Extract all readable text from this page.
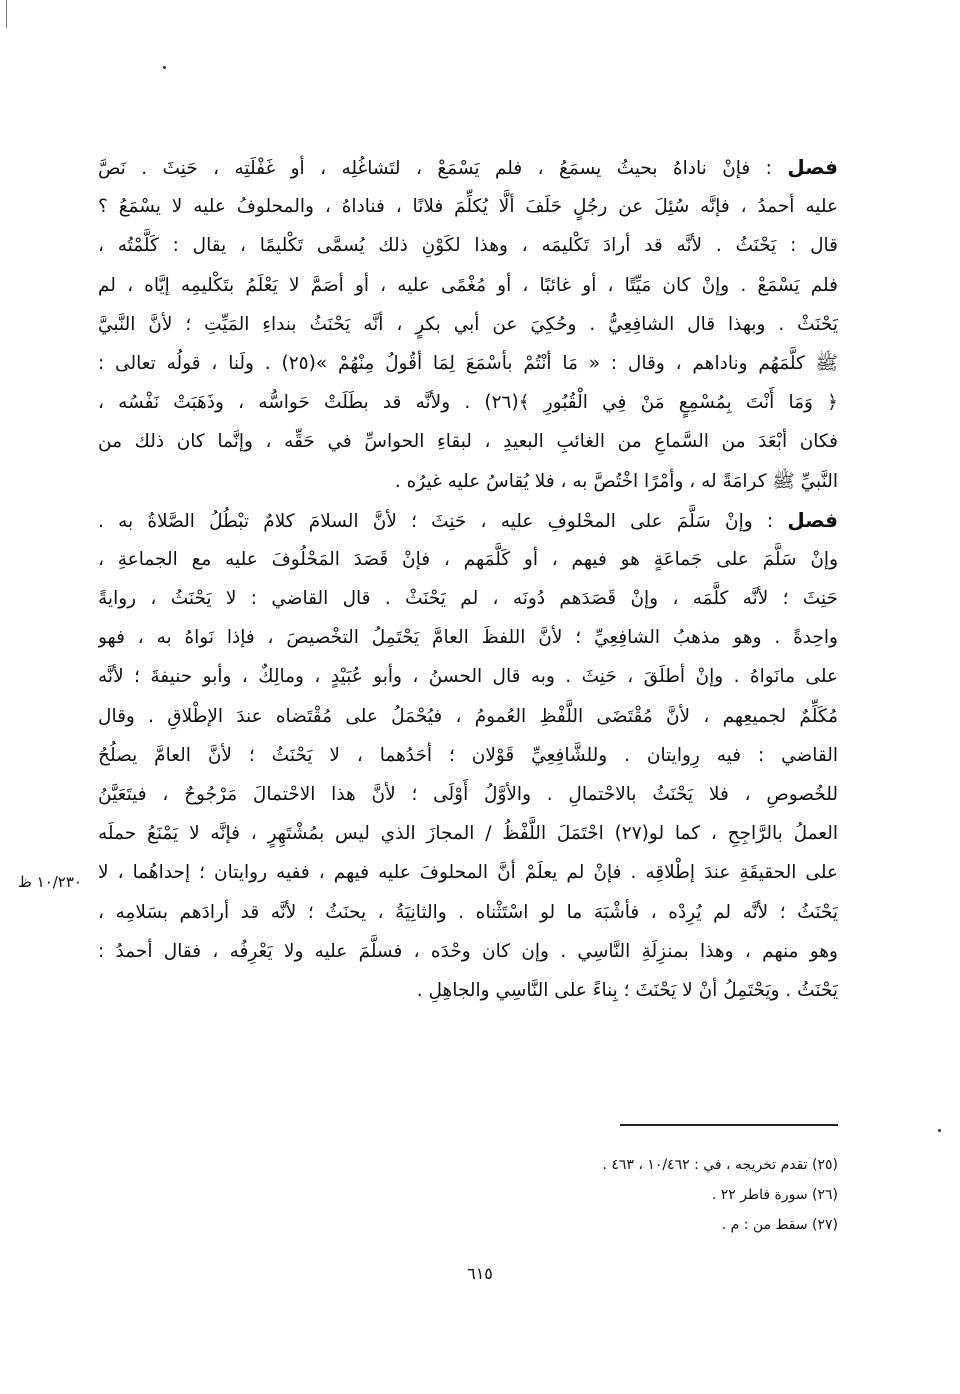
فصل : فإنْ ناداهُ بحيثُ يسمَعُ ، فلم يَسْمَعْ ، لتَشاغُلِه ، أو غَفْلَتِه ، حَنِثَ . نَصَّ
عليه أحمدُ ، فإنَّه سُئِلَ عن رجُلٍ حَلَفَ ألَّا يُكلِّمَ فلانًا ، فناداهُ ، والمحلوفُ عليه لا يسْمَعُ ؟
قال : يَحْنَثُ . لأنَّه قد أرادَ تَكْليمَه ، وهذا لكَوْنِ ذلك يُسمَّى تَكْليمًا ، يقال : كَلَّمْتُه ،
فلم يَسْمَعْ . وإنْ كان مَيِّتًا ، أو غائبًا ، أو مُغْمًى عليه ، أو أصَمَّ لا يَعْلَمُ بتَكْليمِه إيَّاه ، لم
يَحْنَثْ . وبهذا قال الشافِعِيُّ . وحُكِيَ عن أبي بكرٍ ، أنَّه يَحْنَثُ بنداءِ المَيِّتِ ؛ لأنَّ النَّبيَّ
ﷺ كلَّمَهُم وناداهم ، وقال : « مَا أنْتُمْ بأسْمَعَ لِمَا أقُولُ مِنْهُمْ »(٢٥) . ولَنا ، قولُه تعالى :
﴿ وَمَا أَنْتَ بِمُسْمِعٍ مَنْ فِي الْقُبُورِ ﴾(٢٦) . ولأنَّه قد بطَلَتْ حَواسُّه ، وذَهَبَتْ نَفْسُه ،
فكان أبْعَدَ من السَّماعِ من الغائبِ البعيدِ ، لبقاءِ الحواسِّ في حَقِّه ، وإنَّما كان ذلك من
النَّبيِّ ﷺ كرامَةً له ، وأمْرًا اخْتُصَّ به ، فلا يُقاسُ عليه غيرُه .
فصل : وإنْ سَلَّمَ على المحْلوفِ عليه ، حَنِثَ ؛ لأنَّ السلامَ كلامٌ تبْطُلُ الصَّلاةُ به .
وإنْ سَلَّمَ على جَماعَةٍ هو فيهم ، أو كَلَّمَهم ، فإنْ قَصَدَ المَحْلُوفَ عليه مع الجماعةِ ،
حَنِثَ ؛ لأنَّه كلَّمَه ، وإنْ قَصَدَهم دُونَه ، لم يَحْنَثْ . قال القاضي : لا يَحْنَثُ ، روايةً
واحِدةً . وهو مذهبُ الشافِعِيِّ ؛ لأنَّ اللفظَ العامَّ يَحْتَمِلُ التخْصيصَ ، فإذا نَواهُ به ، فهو
على مانَواهُ . وإنْ أطلَقَ ، حَنِثَ . وبه قال الحسنُ ، وأبو عُبَيْدٍ ، ومالِكٌ ، وأبو حنيفةَ ؛ لأنَّه
مُكَلِّمٌ لجميعِهم ، لأنَّ مُقْتَضَى اللَّفْظِ العُمومُ ، فيُحْمَلُ على مُقْتَضاه عندَ الإطْلاقِ . وقال
القاضي : فيه رِوايتان . وللشَّافِعِيِّ قَوْلان ؛ أحَدُهما ، لا يَحْنَثُ ؛ لأنَّ العامَّ يصلُحُ
للخُصوصِ ، فلا يَحْنَثُ بالاحْتمالِ . والأوَّلُ أَوْلَى ؛ لأنَّ هذا الاحْتمالَ مَرْجُوحٌ ، فيتَعَيَّنُ
العملُ بالرَّاجِحِ ، كما لو(٢٧) احْتَمَلَ اللَّفْظُ / المجازَ الذي ليس بمُشْتَهِرٍ ، فإنَّه لا يَمْنَعُ حملَه
على الحقيقَةِ عندَ إطْلاقِه . فإنْ لم يعلَمْ أنَّ المحلوفَ عليه فيهم ، ففيه روايتان ؛ إحداهُما ، لا
يَحْنَثُ ؛ لأنَّه لم يُرِدْه ، فأشْبَهَ ما لو اسْتَثْناه . والثانِيَةُ ، يحنَثُ ؛ لأنَّه قد أرادَهم بسَلامِه ،
وهو منهم ، وهذا بمنزِلَةِ النَّاسِي . وإن كان وحْدَه ، فسلَّمَ عليه ولا يَعْرِفُه ، فقال أحمدُ :
يَحْنَثُ . ويَحْتَمِلُ أنْ لا يَحْنَثَ ؛ بِناءً على النَّاسِي والجاهِلِ .
١٠/٢٣٠ ظ
(٢٥) تقدم تخريجه ، في : ١٠/٤٦٢ ، ٤٦٣ .
(٢٦) سورة فاطر ٢٢ .
(٢٧) سقط من : م .
٦١٥
